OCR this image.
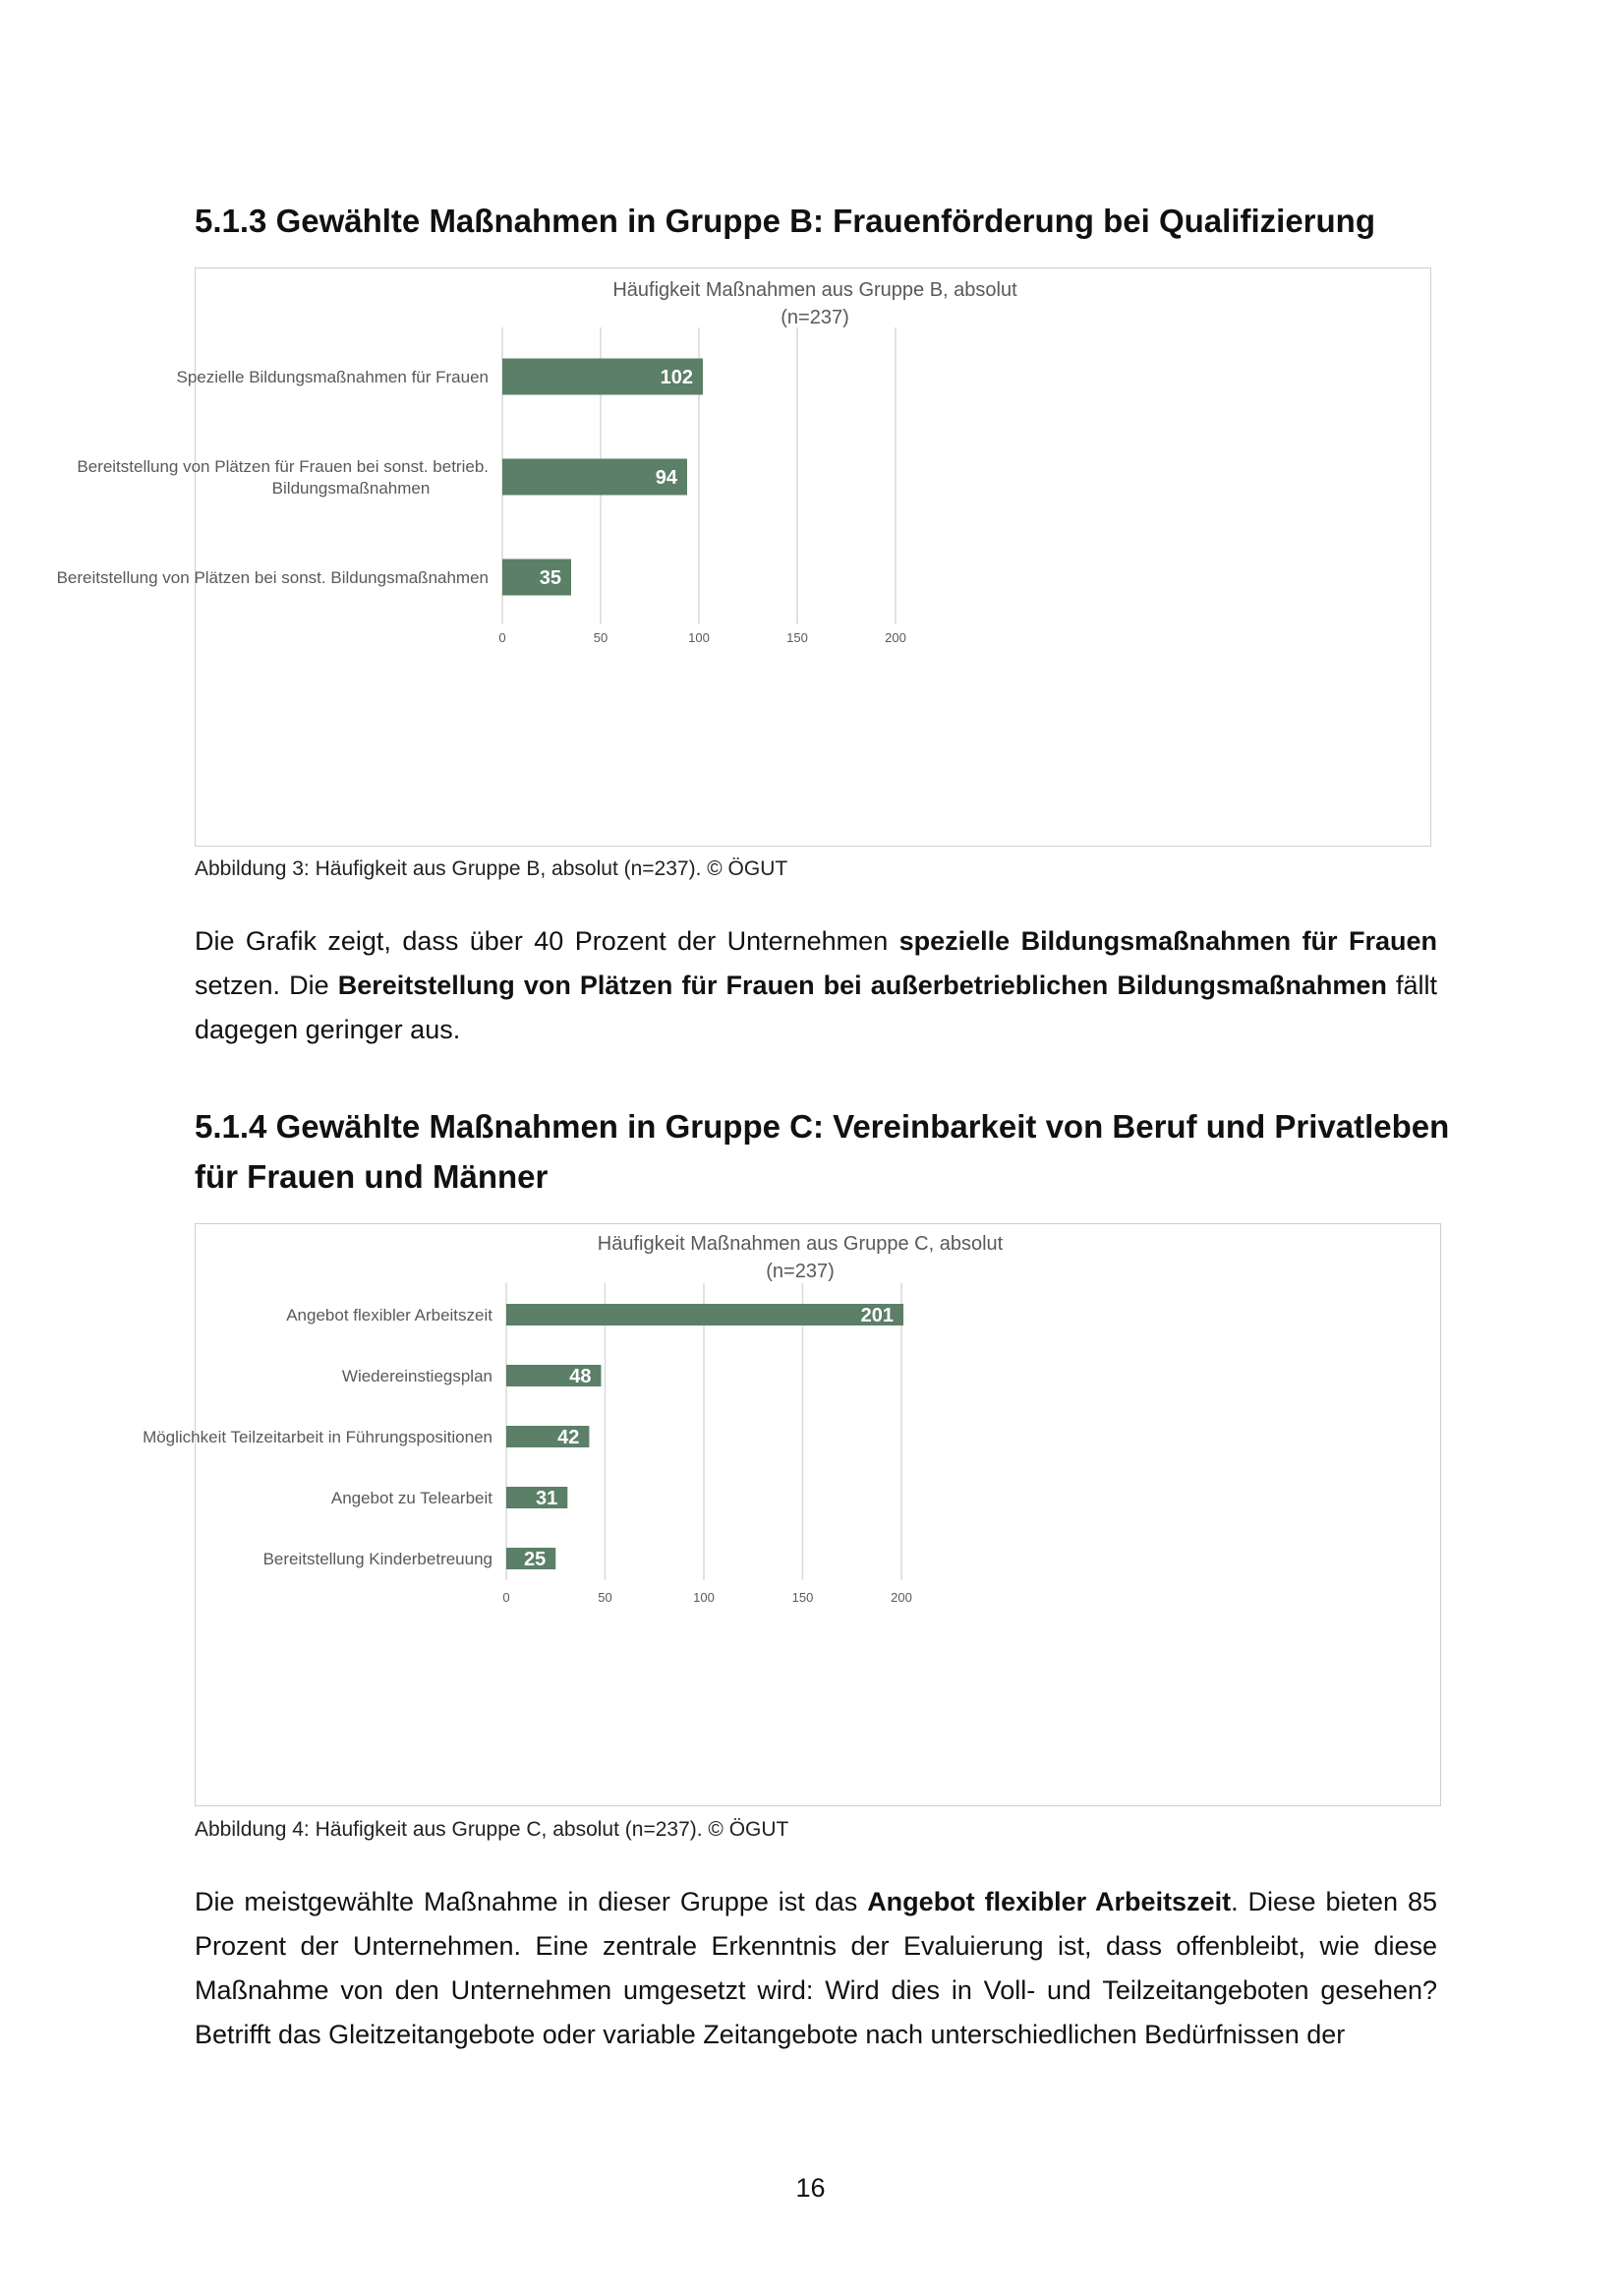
5.1.3 Gewählte Maßnahmen in Gruppe B: Frauenförderung bei Qualifizierung
Häufigkeit Maßnahmen aus Gruppe B, absolut
(n=237)
0	50	100	150	200
102
Spezielle Bildungsmaßnahmen für Frauen
94
Bereitstellung von Plätzen für Frauen bei sonst. betrieb.
Bildungsmaßnahmen
35
Bereitstellung von Plätzen bei sonst. Bildungsmaßnahmen

Abbildung 3: Häufigkeit aus Gruppe B, absolut (n=237). © ÖGUT

Die Grafik zeigt, dass über 40 Prozent der Unternehmen spezielle Bildungsmaßnahmen für Frauen setzen. Die Bereitstellung von Plätzen für Frauen bei außerbetrieblichen Bildungsmaßnahmen fällt dagegen geringer aus.

5.1.4 Gewählte Maßnahmen in Gruppe C: Vereinbarkeit von Beruf und Privatleben für Frauen und Männer
Häufigkeit Maßnahmen aus Gruppe C, absolut
(n=237)
0	50	100	150	200
201
Angebot flexibler Arbeitszeit
48
Wiedereinstiegsplan
42
Möglichkeit Teilzeitarbeit in Führungspositionen
31
Angebot zu Telearbeit
25
Bereitstellung Kinderbetreuung

Abbildung 4: Häufigkeit aus Gruppe C, absolut (n=237). © ÖGUT

Die meistgewählte Maßnahme in dieser Gruppe ist das Angebot flexibler Arbeitszeit. Diese bieten 85 Prozent der Unternehmen. Eine zentrale Erkenntnis der Evaluierung ist, dass offenbleibt, wie diese Maßnahme von den Unternehmen umgesetzt wird: Wird dies in Voll- und Teilzeitangeboten gesehen? Betrifft das Gleitzeitangebote oder variable Zeitangebote nach unterschiedlichen Bedürfnissen der

16
